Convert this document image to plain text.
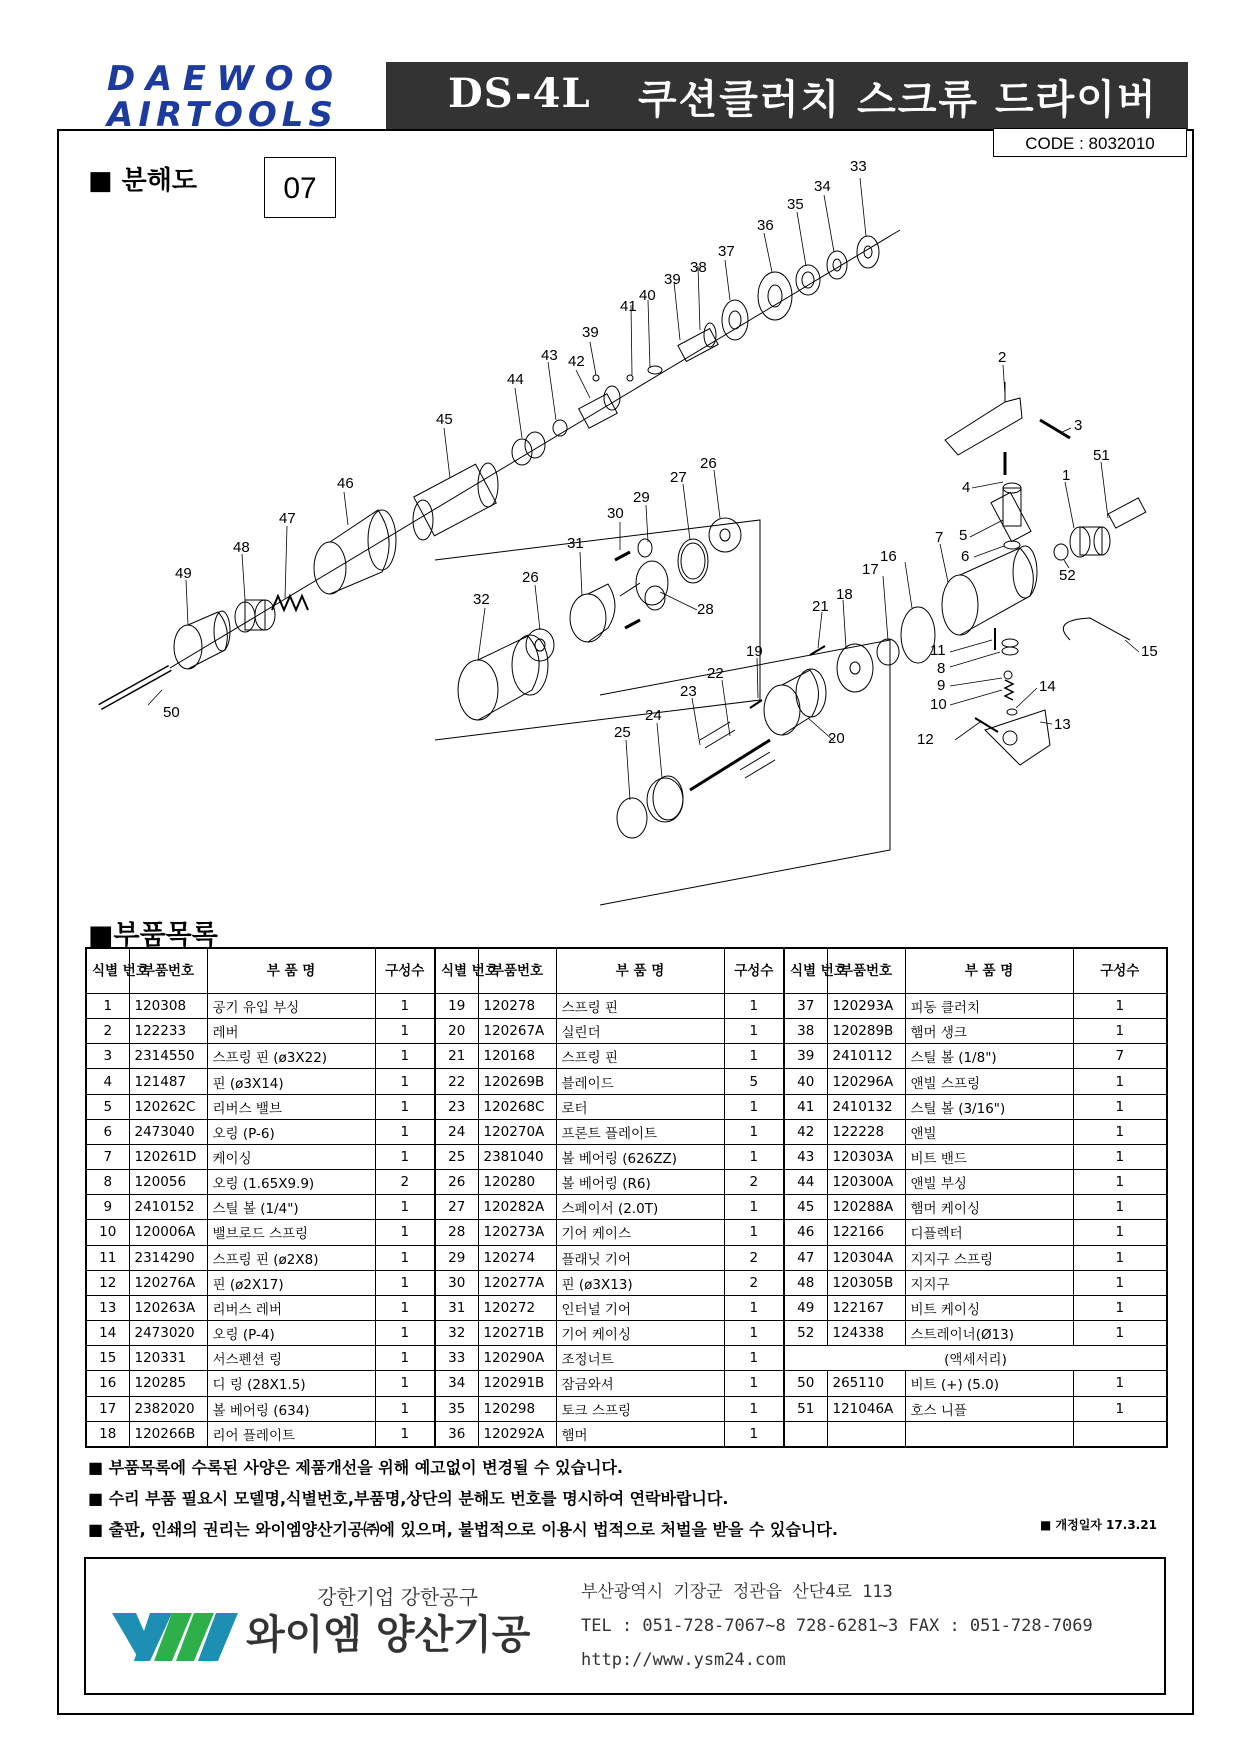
DAEWOO
AIRTOOLS	DS-4L 쿠션클러치 스크류 드라이버
CODE : 8032010
■ 분해도	07
1
2
3
4
5
6
7
8
9
10
11
12
13
14
15
16
17
18
19
20
21
22
23
24
25
26
26
27
28
29
30
31
32
33
34
35
36
37
38
39
39
40
41
42
43
44
45
46
47
48
49
50
51
52
■부품목록
식별 번호	부품번호	부 품 명	구성수	식별 번호	부품번호	부 품 명	구성수	식별 번호	부품번호	부 품 명	구성수
1	120308	공기 유입 부싱	1	19	120278	스프링 핀	1	37	120293A	피동 클러치	1
2	122233	레버	1	20	120267A	실린더	1	38	120289B	햄머 생크	1
3	2314550	스프링 핀 (ø3X22)	1	21	120168	스프링 핀	1	39	2410112	스틸 볼 (1/8")	7
4	121487	핀 (ø3X14)	1	22	120269B	블레이드	5	40	120296A	앤빌 스프링	1
5	120262C	리버스 밸브	1	23	120268C	로터	1	41	2410132	스틸 볼 (3/16")	1
6	2473040	오링 (P-6)	1	24	120270A	프론트 플레이트	1	42	122228	앤빌	1
7	120261D	케이싱	1	25	2381040	볼 베어링 (626ZZ)	1	43	120303A	비트 밴드	1
8	120056	오링 (1.65X9.9)	2	26	120280	볼 베어링 (R6)	2	44	120300A	앤빌 부싱	1
9	2410152	스틸 볼 (1/4")	1	27	120282A	스페이서 (2.0T)	1	45	120288A	햄머 케이싱	1
10	120006A	밸브로드 스프링	1	28	120273A	기어 케이스	1	46	122166	디플렉터	1
11	2314290	스프링 핀 (ø2X8)	1	29	120274	플래닛 기어	2	47	120304A	지지구 스프링	1
12	120276A	핀 (ø2X17)	1	30	120277A	핀 (ø3X13)	2	48	120305B	지지구	1
13	120263A	리버스 레버	1	31	120272	인터널 기어	1	49	122167	비트 케이싱	1
14	2473020	오링 (P-4)	1	32	120271B	기어 케이싱	1	52	124338	스트레이너(Ø13)	1
15	120331	서스펜션 링	1	33	120290A	조정너트	1	(액세서리)			
16	120285	디 링 (28X1.5)	1	34	120291B	잠금와셔	1	50	265110	비트 (+) (5.0)	1
17	2382020	볼 베어링 (634)	1	35	120298	토크 스프링	1	51	121046A	호스 니플	1
18	120266B	리어 플레이트	1	36	120292A	햄머	1				
■ 부품목록에 수록된 사양은 제품개선을 위해 예고없이 변경될 수 있습니다.
■ 수리 부품 필요시 모델명,식별번호,부품명,상단의 분해도 번호를 명시하여 연락바랍니다.
■ 출판, 인쇄의 권리는 와이엠양산기공㈜에 있으며, 불법적으로 이용시 법적으로 처벌을 받을 수 있습니다.	■ 개정일자 17.3.21
강한기업 강한공구
와이엠 양산기공
부산광역시 기장군 정관읍 산단4로 113
TEL : 051-728-7067~8 728-6281~3 FAX : 051-728-7069
http://www.ysm24.com
